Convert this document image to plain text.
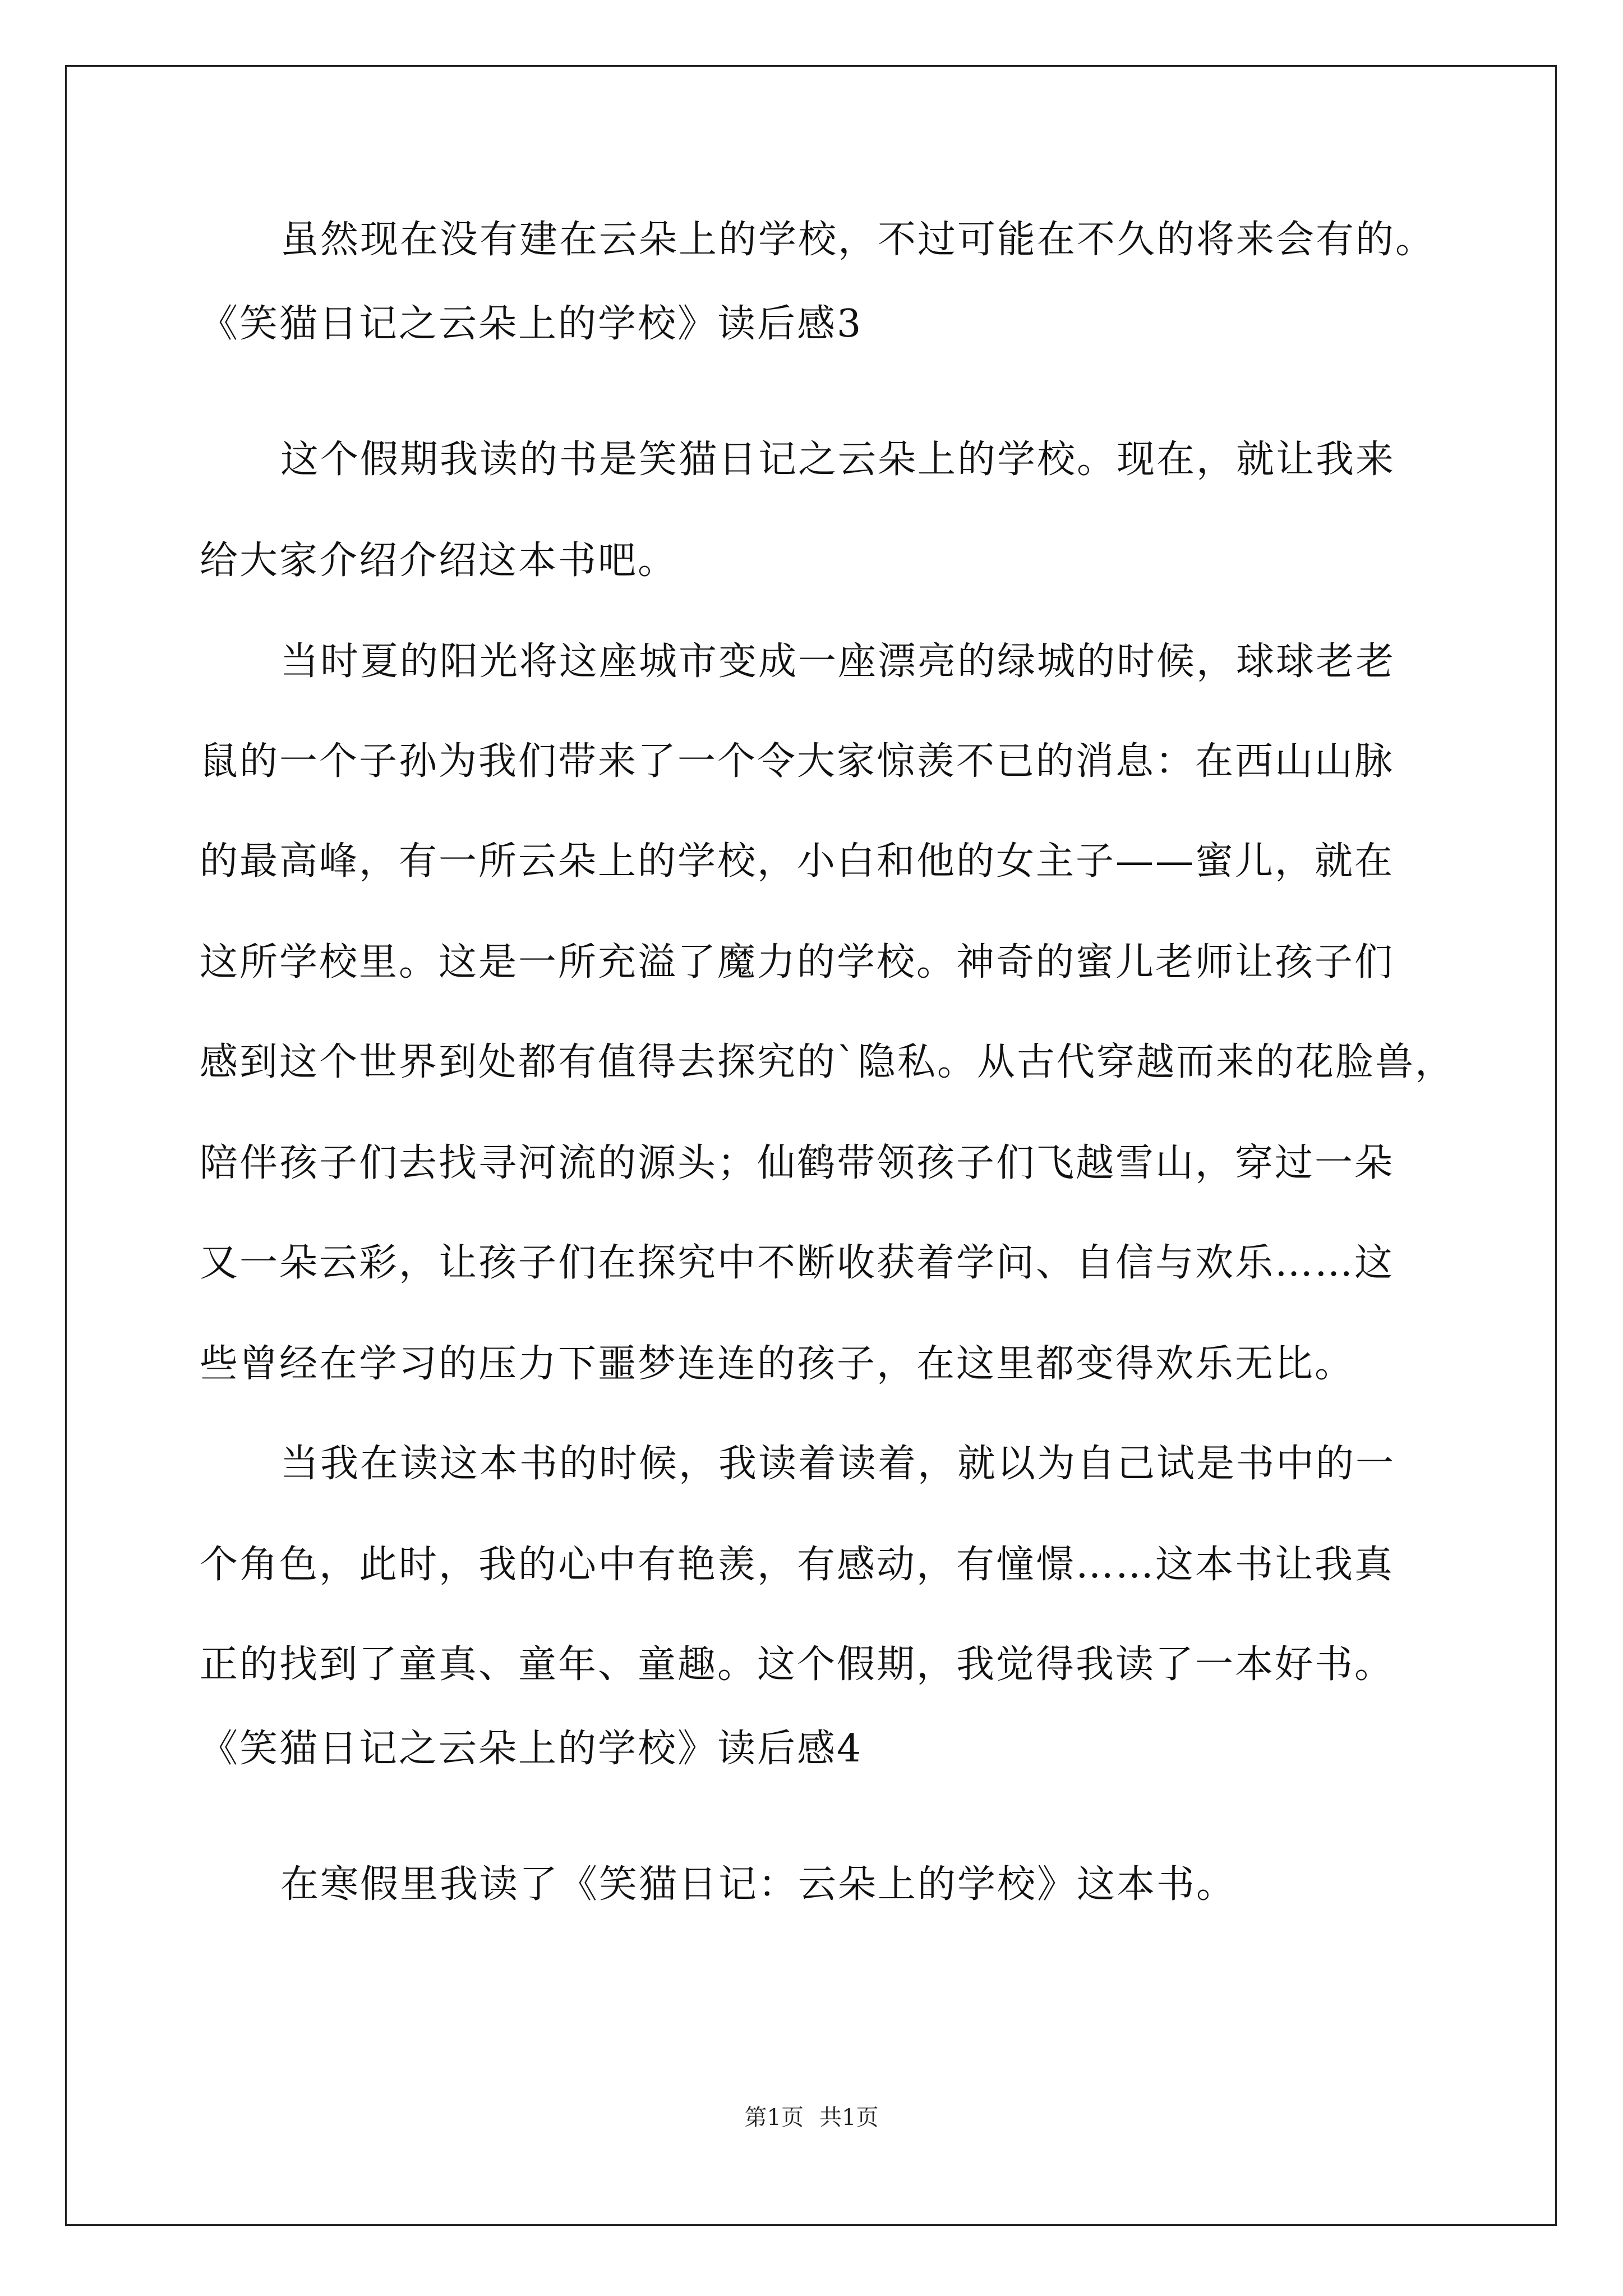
虽然现在没有建在云朵上的学校，不过可能在不久的将来会有的。
《笑猫日记之云朵上的学校》读后感3
这个假期我读的书是笑猫日记之云朵上的学校。现在，就让我来
给大家介绍介绍这本书吧。
当时夏的阳光将这座城市变成一座漂亮的绿城的时候，球球老老
鼠的一个子孙为我们带来了一个令大家惊羡不已的消息：在西山山脉
的最高峰，有一所云朵上的学校，小白和他的女主子——蜜儿，就在
这所学校里。这是一所充溢了魔力的学校。神奇的蜜儿老师让孩子们
感到这个世界到处都有值得去探究的`隐私。从古代穿越而来的花脸兽，
陪伴孩子们去找寻河流的源头；仙鹤带领孩子们飞越雪山，穿过一朵
又一朵云彩，让孩子们在探究中不断收获着学问、自信与欢乐……这
些曾经在学习的压力下噩梦连连的孩子，在这里都变得欢乐无比。
当我在读这本书的时候，我读着读着，就以为自己试是书中的一
个角色，此时，我的心中有艳羡，有感动，有憧憬……这本书让我真
正的找到了童真、童年、童趣。这个假期，我觉得我读了一本好书。
《笑猫日记之云朵上的学校》读后感4
在寒假里我读了《笑猫日记：云朵上的学校》这本书。
第1页 共1页
